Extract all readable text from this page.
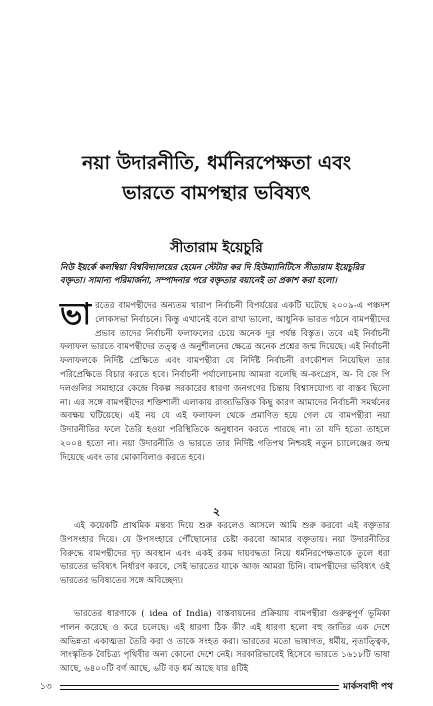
নয়া উদারনীতি, ধর্মনিরপেক্ষতা এবং
ভারতে বামপন্থার ভবিষ্যৎ
সীতারাম ইয়েচুরি
নিউ ইয়র্কে কলম্বিয়া বিশ্ববিদ্যালয়ের হেমেন স্টেটার কর দি হিউম্যানিটিসে সীতারাম ইয়েচুরির বক্তৃতা। সামান্য পরিমার্জনা, সম্পাদনার পরে বক্তৃতার বয়ানেই তা প্রকাশ করা হলো।
ভা রতের বামপন্থীদের অন্যতম খারাপ নির্বাচনী বিপর্যয়ের একটি ঘটেছে ২০০৯-এ পঞ্চদশ লোকসভা নির্বাচনে। কিন্তু এখানেই বলে রাখা ভালো, আধুনিক ভারত গঠনে বামপন্থীদের প্রভাব তাদের নির্বাচনী ফলাফলের চেয়ে অনেক দূর পর্যন্ত বিস্তৃত। তবে এই নির্বাচনী ফলাফল ভারতে বামপন্থীদের তত্ত্ব ও অনুশীলনের ক্ষেত্রে অনেক প্রশ্নের জন্ম দিয়েছে। এই নির্বাচনী ফলাফলকে নির্দিষ্ট প্রেক্ষিতে এবং বামপন্থীরা যে নির্দিষ্ট নির্বাচনী রণকৌশল নিয়েছিল তার পরিপ্রেক্ষিতে বিচার করতে হবে। নির্বাচনী পর্যালোচনায় আমরা বলেছি অ-কংগ্রেস, অ- বি জে পি দলগুলির সমাহারে কেন্দ্রে বিকল্প সরকারের ধারণা জনগণের চিন্তায় বিশ্বাসযোগ্য বা বাস্তব ছিলো না। এর সঙ্গে বামপন্থীদের শক্তিশালী এলাকায় রাজ্যভিত্তিক কিছু কারণ আমাদের নির্বাচনী সমর্থনের অবক্ষয় ঘটিয়েছে। এই নয় যে এই ফলাফল থেকে প্রমাণিত হয়ে গেল যে বামপন্থীরা নয়া উদারনীতির ফলে তৈরি হওয়া পরিস্থিতিকে অনুধাবন করতে পারছে না। তা যদি হতো তাহলে ২০০৪ হতো না। নয়া উদারনীতি ও ভারতে তার নির্দিষ্ট গতিপথ নিশ্চয়ই নতুন চ্যালেঞ্জের জন্ম দিয়েছে এবং তার মোকাবিলাও করতে হবে।
২
এই কয়েকটি প্রাথমিক মন্তব্য দিয়ে শুরু করলেও আসলে আমি শুরু করবো এই বক্তৃতার উপসংহার দিয়ে। যে উপসংহারে পৌঁছোনোর চেষ্টা করবো আমার বক্তৃতায়। নয়া উদারনীতির বিরুদ্ধে বামপন্থীদের দৃঢ় অবস্থান এবং একই রকম দায়বদ্ধতা নিয়ে ধর্মনিরপেক্ষতাকে তুলে ধরা ভারতের ভবিষ্যৎ নির্ধারণ করবে, সেই ভারতের যাকে আজ আমরা চিনি। বামপন্থীদের ভবিষ্যৎ ওই ভারতের ভবিষ্যতের সঙ্গে অবিচ্ছেদ্য।
ভারতের ধারণাকে ( idea of India) বাস্তবায়নের প্রক্রিয়ায় বামপন্থীরা গুরুত্বপূর্ণ ভূমিকা পালন করেছে ও করে চলেছে। এই ধারণা ঠিক কী? এই ধারণা হলো বহু জাতির এক দেশে অভিন্নতা একাত্মতা তৈরি করা ও তাকে সংহত করা। ভারতের মতো ভাষাগত, ধর্মীয়, নৃতাত্ত্বিক, সাংস্কৃতিক বৈচিত্র্য পৃথিবীর অন্য কোনো দেশে নেই। সরকারিভাবেই হিসেবে ভারতে ১৬১৮টি ভাষা আছে, ৬৪০০টি বর্ণ আছে, ৬টি বড় ধর্ম আছে যার ৪টিই
১৩	মার্কসবাদী পথ
